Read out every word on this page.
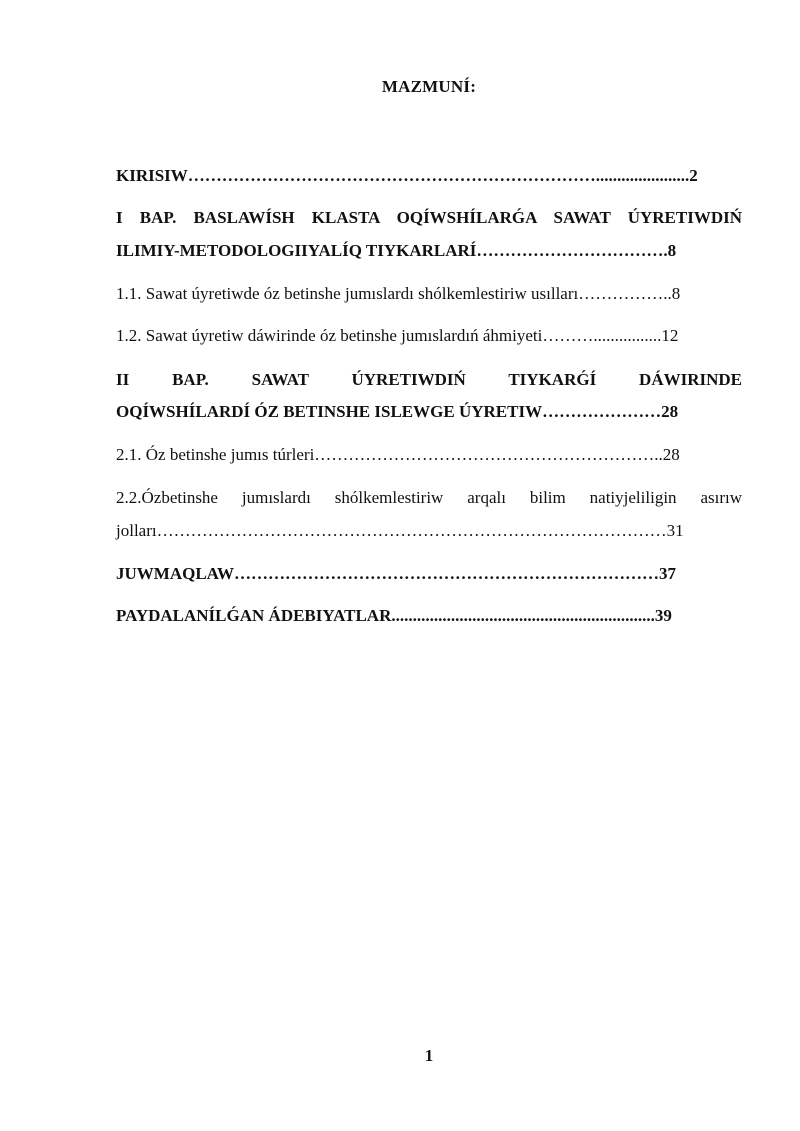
MAZMUNÍ:
KIRISIW………………………………………………………………......................2
I BAP. BASLAWÍSH KLASTA OQÍWSHÍLARǴA SAWAT ÚYRETIWDIŃ
ILIMIY-METODOLOGIIYALÍQ TIYKARLARÍ…………………………….8
1.1. Sawat úyretiwde óz betinshe jumıslardı shólkemlestiriw usılları……………..8
1.2. Sawat úyretiw dáwirinde óz betinshe jumıslardıń áhmiyeti………................12
II BAP. SAWAT ÚYRETIWDIŃ TIYKARǴÍ DÁWIRINDE
OQÍWSHÍLARDÍ ÓZ BETINSHE ISLEWGE ÚYRETIW…………………28
2.1. Óz betinshe jumıs túrleri……………………………………………………..28
2.2.Ózbetinshe jumıslardı shólkemlestiriw arqalı bilim natiyjeliligin asırıw
jolları………………………………………………………………………………31
JUWMAQLAW…………………………………………………………………37
PAYDALANÍLǴAN ÁDEBIYATLAR..............................................................39
1
